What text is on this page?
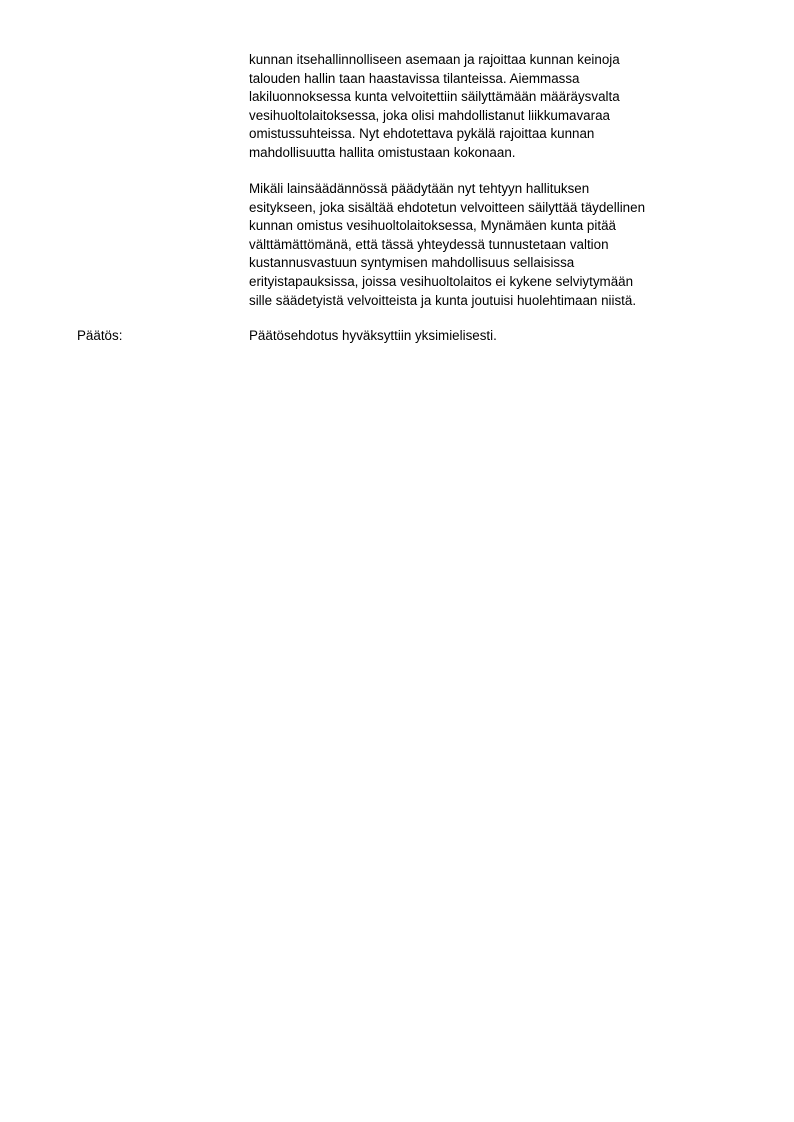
kunnan itsehallinnolliseen asemaan ja rajoittaa kunnan keinoja
talouden hallin taan haastavissa tilanteissa. Aiemmassa
lakiluonnoksessa kunta velvoitettiin säilyttämään määräysvalta
vesihuoltolaitoksessa, joka olisi mahdollistanut liikkumavaraa
omistussuhteissa. Nyt ehdotettava pykälä rajoittaa kunnan
mahdollisuutta hallita omistustaan kokonaan.
Mikäli lainsäädännössä päädytään nyt tehtyyn hallituksen
esitykseen, joka sisältää ehdotetun velvoitteen säilyttää täydellinen
kunnan omistus vesihuoltolaitoksessa, Mynämäen kunta pitää
välttämättömänä, että tässä yhteydessä tunnustetaan valtion
kustannusvastuun syntymisen mahdollisuus sellaisissa
erityistapauksissa, joissa vesihuoltolaitos ei kykene selviytymään
sille säädetyistä velvoitteista ja kunta joutuisi huolehtimaan niistä.
Päätös:	Päätösehdotus hyväksyttiin yksimielisesti.
